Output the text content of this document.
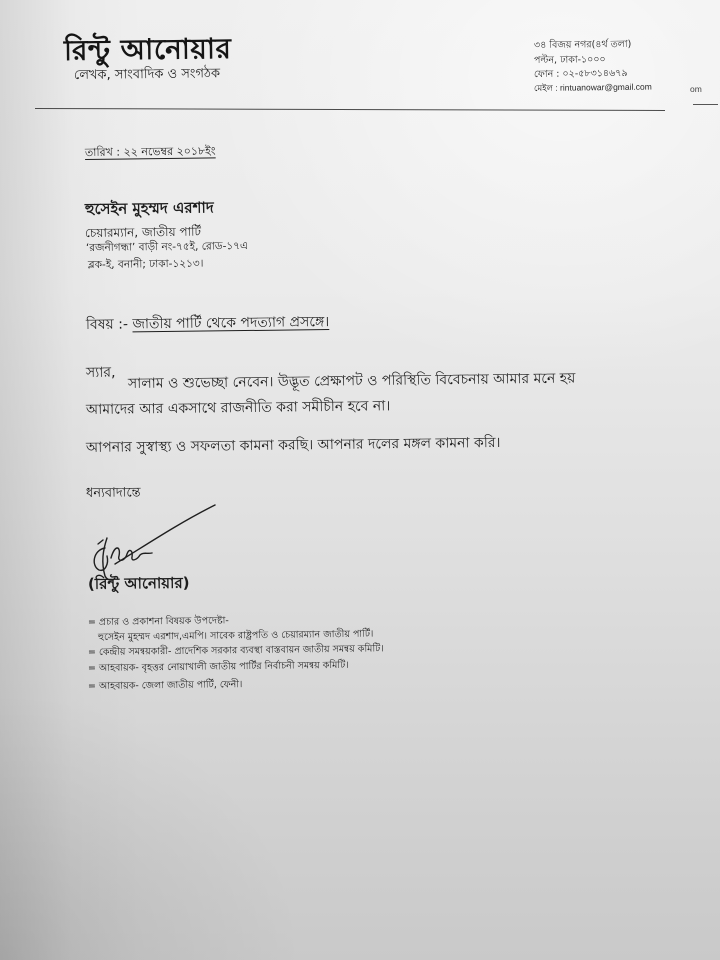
রিন্টু আনোয়ার
লেখক, সাংবাদিক ও সংগঠক
৩৪ বিজয় নগর(৪র্থ তলা)
পল্টন, ঢাকা-১০০০
ফোন : ০২-৫৮৩১৪৬৭৯
মেইল : rintuanowar@gmail.com	om
তারিখ : ২২ নভেম্বর ২০১৮ইং
হুসেইন মুহম্মদ এরশাদ
চেয়ারম্যান, জাতীয় পার্টি
‘রজনীগন্ধা’ বাড়ী নং-৭৫ই, রোড-১৭এ
ব্লক-ই, বনানী; ঢাকা-১২১৩।
বিষয় :- জাতীয় পার্টি থেকে পদত্যাগ প্রসঙ্গে।
স্যার, সালাম ও শুভেচ্ছা নেবেন। উদ্ভূত প্রেক্ষাপট ও পরিস্থিতি বিবেচনায় আমার মনে হয়
আমাদের আর একসাথে রাজনীতি করা সমীচীন হবে না।
আপনার সুস্বাস্থ্য ও সফলতা কামনা করছি। আপনার দলের মঙ্গল কামনা করি।
ধন্যবাদান্তে
(রিন্টু আনোয়ার)
= প্রচার ও প্রকাশনা বিষয়ক উপদেষ্টা-
হুসেইন মুহম্মদ এরশাদ,এমপি। সাবেক রাষ্ট্রপতি ও চেয়ারম্যান জাতীয় পার্টি।
= কেন্দ্রীয় সমন্বয়কারী- প্রাদেশিক সরকার ব্যবস্থা বাস্তবায়ন জাতীয় সমন্বয় কমিটি।
= আহবায়ক- বৃহত্তর নোয়াখালী জাতীয় পার্টির নির্বাচনী সমন্বয় কমিটি।
= আহবায়ক- জেলা জাতীয় পার্টি, ফেনী।
